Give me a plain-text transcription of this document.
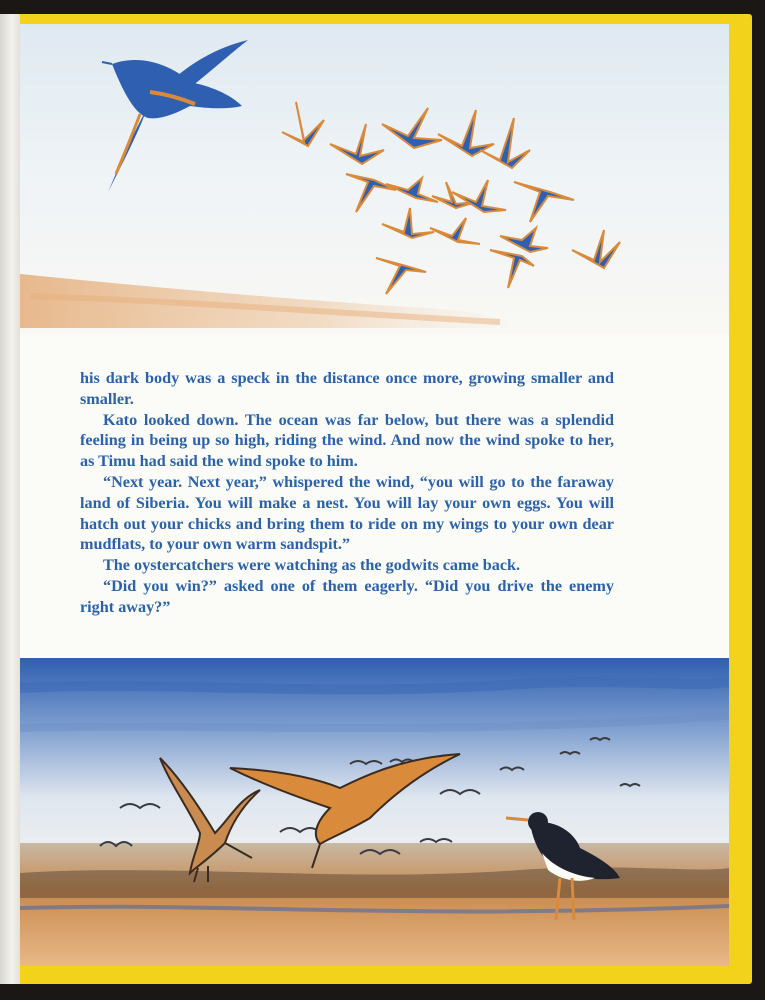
his dark body was a speck in the distance once more, growing smaller and smaller.

Kato looked down. The ocean was far below, but there was a splendid feeling in being up so high, riding the wind. And now the wind spoke to her, as Timu had said the wind spoke to him.

“Next year. Next year,” whispered the wind, “you will go to the faraway land of Siberia. You will make a nest. You will lay your own eggs. You will hatch out your chicks and bring them to ride on my wings to your own dear mudflats, to your own warm sandspit.”

The oystercatchers were watching as the godwits came back.

“Did you win?” asked one of them eagerly. “Did you drive the enemy right away?”
